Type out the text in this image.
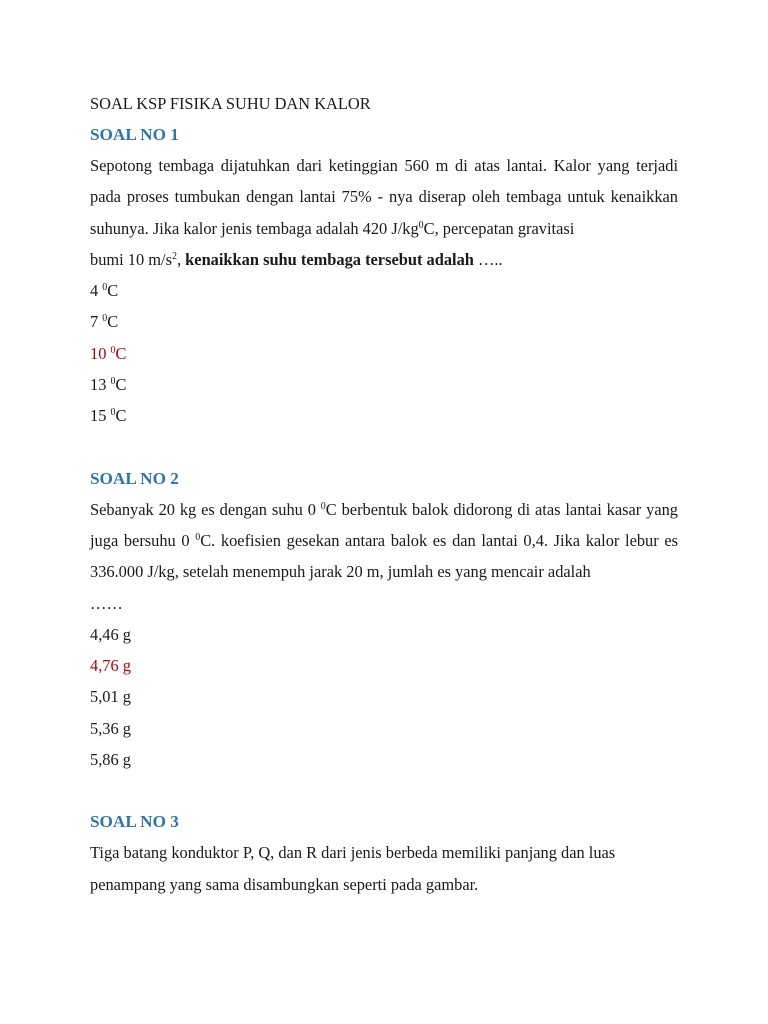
SOAL KSP FISIKA SUHU DAN KALOR
SOAL NO 1

Sepotong tembaga dijatuhkan dari ketinggian 560 m di atas lantai. Kalor yang terjadi pada proses tumbukan dengan lantai 75% - nya diserap oleh tembaga untuk kenaikkan suhunya. Jika kalor jenis tembaga adalah 420 $J/kg^0C$, percepatan gravitasi
bumi 10 $m/s^2$, kenaikkan suhu tembaga tersebut adalah …..

4 $^0$C
7 $^0$C
10 $^0$C
13 $^0$C
15 $^0$C
SOAL NO 2

Sebanyak 20 kg es dengan suhu 0 $^0$C berbentuk balok didorong di atas lantai kasar yang juga bersuhu 0 $^0$C. koefisien gesekan antara balok es dan lantai 0,4. Jika kalor lebur es 336.000 J/kg, setelah menempuh jarak 20 m, jumlah es yang mencair adalah
……

4,46 g
4,76 g
5,01 g
5,36 g
5,86 g
SOAL NO 3

Tiga batang konduktor P, Q, dan R dari jenis berbeda memiliki panjang dan luas
penampang yang sama disambungkan seperti pada gambar.
